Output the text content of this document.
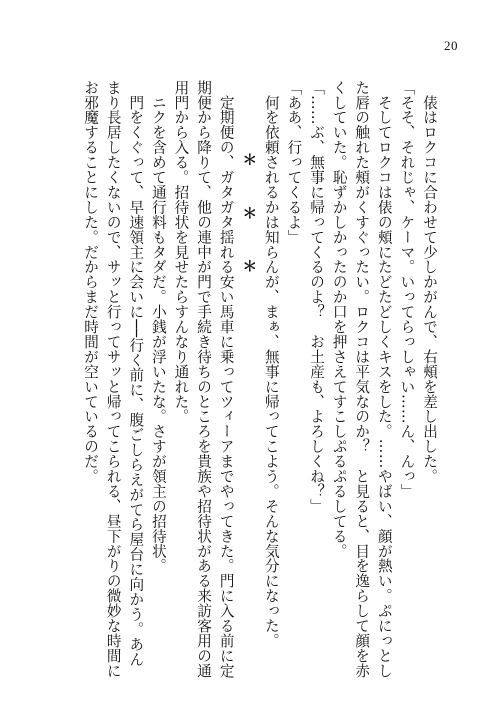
20

　俵はロクコに合わせて少しかがんで、右頰を差し出した。

「そそ、それじゃ、ケーマ。いってらっしゃい……ん、んっ」

　そしてロクコは俵の頰にたどたどしくキスをした。……やばい、顔が熱い。ぷにっとし

た唇の触れた頰がくすぐったい。ロクコは平気なのか？　と見ると、目を逸らして顔を赤

くしていた。恥ずかしかったのか口を押さえてすこしぷるぷるしてる。

「……ぶ、無事に帰ってくるのよ？　お土産も、よろしくね？」

「ああ、行ってくるよ」

　何を依頼されるかは知らんが、まぁ、無事に帰ってこよう。そんな気分になった。

＊　＊　＊

　定期便の、ガタガタ揺れる安い馬車に乗ってツィーアまでやってきた。門に入る前に定

期便から降りて、他の連中が門で手続き待ちのところを貴族や招待状がある来訪客用の通

用門から入る。招待状を見せたらすんなり通れた。

　ニクを含めて通行料もタダだ。小銭が浮いたな。さすが領主の招待状。

　門をくぐって、早速領主に会いに──行く前に、腹ごしらえがてら屋台に向かう。あん

まり長居したくないので、サッと行ってサッと帰ってこられる、昼下がりの微妙な時間に

お邪魔することにした。だからまだ時間が空いているのだ。
